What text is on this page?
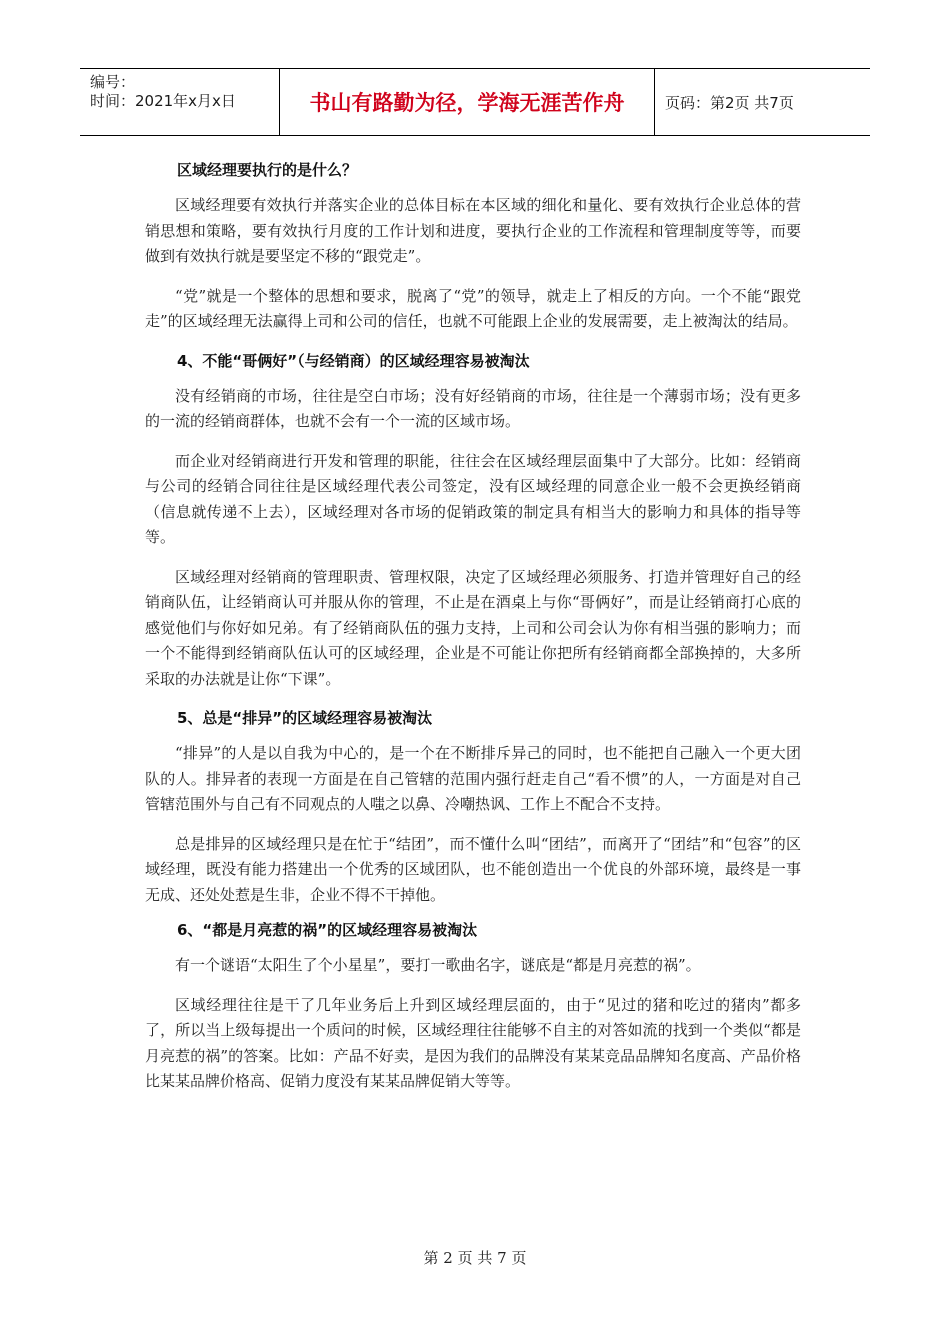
编号：
时间：2021年x月x日	书山有路勤为径，学海无涯苦作舟	页码：第2页 共7页

区域经理要执行的是什么？

区域经理要有效执行并落实企业的总体目标在本区域的细化和量化、要有效执行企业总体的营销思想和策略，要有效执行月度的工作计划和进度，要执行企业的工作流程和管理制度等等，而要做到有效执行就是要坚定不移的“跟党走”。

“党”就是一个整体的思想和要求，脱离了“党”的领导，就走上了相反的方向。一个不能“跟党走”的区域经理无法赢得上司和公司的信任，也就不可能跟上企业的发展需要，走上被淘汰的结局。

4、不能“哥俩好”（与经销商）的区域经理容易被淘汰

没有经销商的市场，往往是空白市场；没有好经销商的市场，往往是一个薄弱市场；没有更多的一流的经销商群体，也就不会有一个一流的区域市场。

而企业对经销商进行开发和管理的职能，往往会在区域经理层面集中了大部分。比如：经销商与公司的经销合同往往是区域经理代表公司签定，没有区域经理的同意企业一般不会更换经销商（信息就传递不上去），区域经理对各市场的促销政策的制定具有相当大的影响力和具体的指导等等。

区域经理对经销商的管理职责、管理权限，决定了区域经理必须服务、打造并管理好自己的经销商队伍，让经销商认可并服从你的管理，不止是在酒桌上与你“哥俩好”，而是让经销商打心底的感觉他们与你好如兄弟。有了经销商队伍的强力支持，上司和公司会认为你有相当强的影响力；而一个不能得到经销商队伍认可的区域经理，企业是不可能让你把所有经销商都全部换掉的，大多所采取的办法就是让你“下课”。

5、总是“排异”的区域经理容易被淘汰

“排异”的人是以自我为中心的，是一个在不断排斥异己的同时，也不能把自己融入一个更大团队的人。排异者的表现一方面是在自己管辖的范围内强行赶走自己“看不惯”的人，一方面是对自己管辖范围外与自己有不同观点的人嗤之以鼻、冷嘲热讽、工作上不配合不支持。

总是排异的区域经理只是在忙于“结团”，而不懂什么叫“团结”，而离开了“团结”和“包容”的区域经理，既没有能力搭建出一个优秀的区域团队，也不能创造出一个优良的外部环境，最终是一事无成、还处处惹是生非，企业不得不干掉他。

6、“都是月亮惹的祸”的区域经理容易被淘汰

有一个谜语“太阳生了个小星星”，要打一歌曲名字，谜底是“都是月亮惹的祸”。

区域经理往往是干了几年业务后上升到区域经理层面的，由于“见过的猪和吃过的猪肉”都多了，所以当上级每提出一个质问的时候，区域经理往往能够不自主的对答如流的找到一个类似“都是月亮惹的祸”的答案。比如：产品不好卖，是因为我们的品牌没有某某竞品品牌知名度高、产品价格比某某品牌价格高、促销力度没有某某品牌促销大等等。

第 2 页 共 7 页
